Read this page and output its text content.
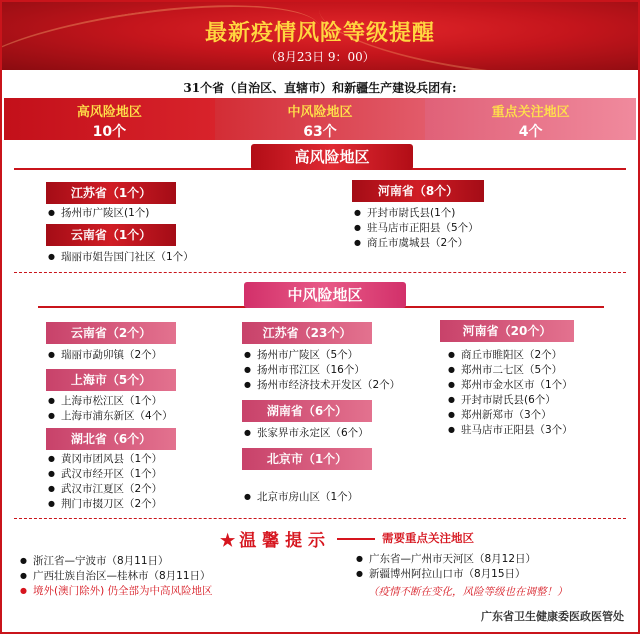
最新疫情风险等级提醒
（8月23日 9：00）
31个省（自治区、直辖市）和新疆生产建设兵团有:
高风险地区
10个
中风险地区
63个
重点关注地区
4个
高风险地区
江苏省（1个）
● 扬州市广陵区(1个)
云南省（1个）
● 瑞丽市姐告国门社区（1个）
河南省（8个）
● 开封市尉氏县(1个)
● 驻马店市正阳县（5个）
● 商丘市虞城县（2个）
中风险地区
云南省（2个）
● 瑞丽市勐卯镇（2个）
上海市（5个）
● 上海市松江区（1个）
● 上海市浦东新区（4个）
湖北省（6个）
● 黄冈市团风县（1个）
● 武汉市经开区（1个）
● 武汉市江夏区（2个）
● 荆门市掇刀区（2个）
江苏省（23个）
● 扬州市广陵区（5个）
● 扬州市邗江区（16个）
● 扬州市经济技术开发区（2个）
湖南省（6个）
● 张家界市永定区（6个）
北京市（1个）
● 北京市房山区（1个）
河南省（20个）
● 商丘市睢阳区（2个）
● 郑州市二七区（5个）
● 郑州市金水区市（1个）
● 开封市尉氏县(6个）
● 郑州新郑市（3个）
● 驻马店市正阳县（3个）
★ 温 馨 提 示	需要重点关注地区
● 浙江省—宁波市（8月11日）
● 广西壮族自治区—桂林市（8月11日）
● 境外(澳门除外) 仍全部为中高风险地区
● 广东省—广州市天河区（8月12日）
● 新疆博州阿拉山口市（8月15日）
（疫情不断在变化，风险等级也在调整！）
广东省卫生健康委医政医管处
